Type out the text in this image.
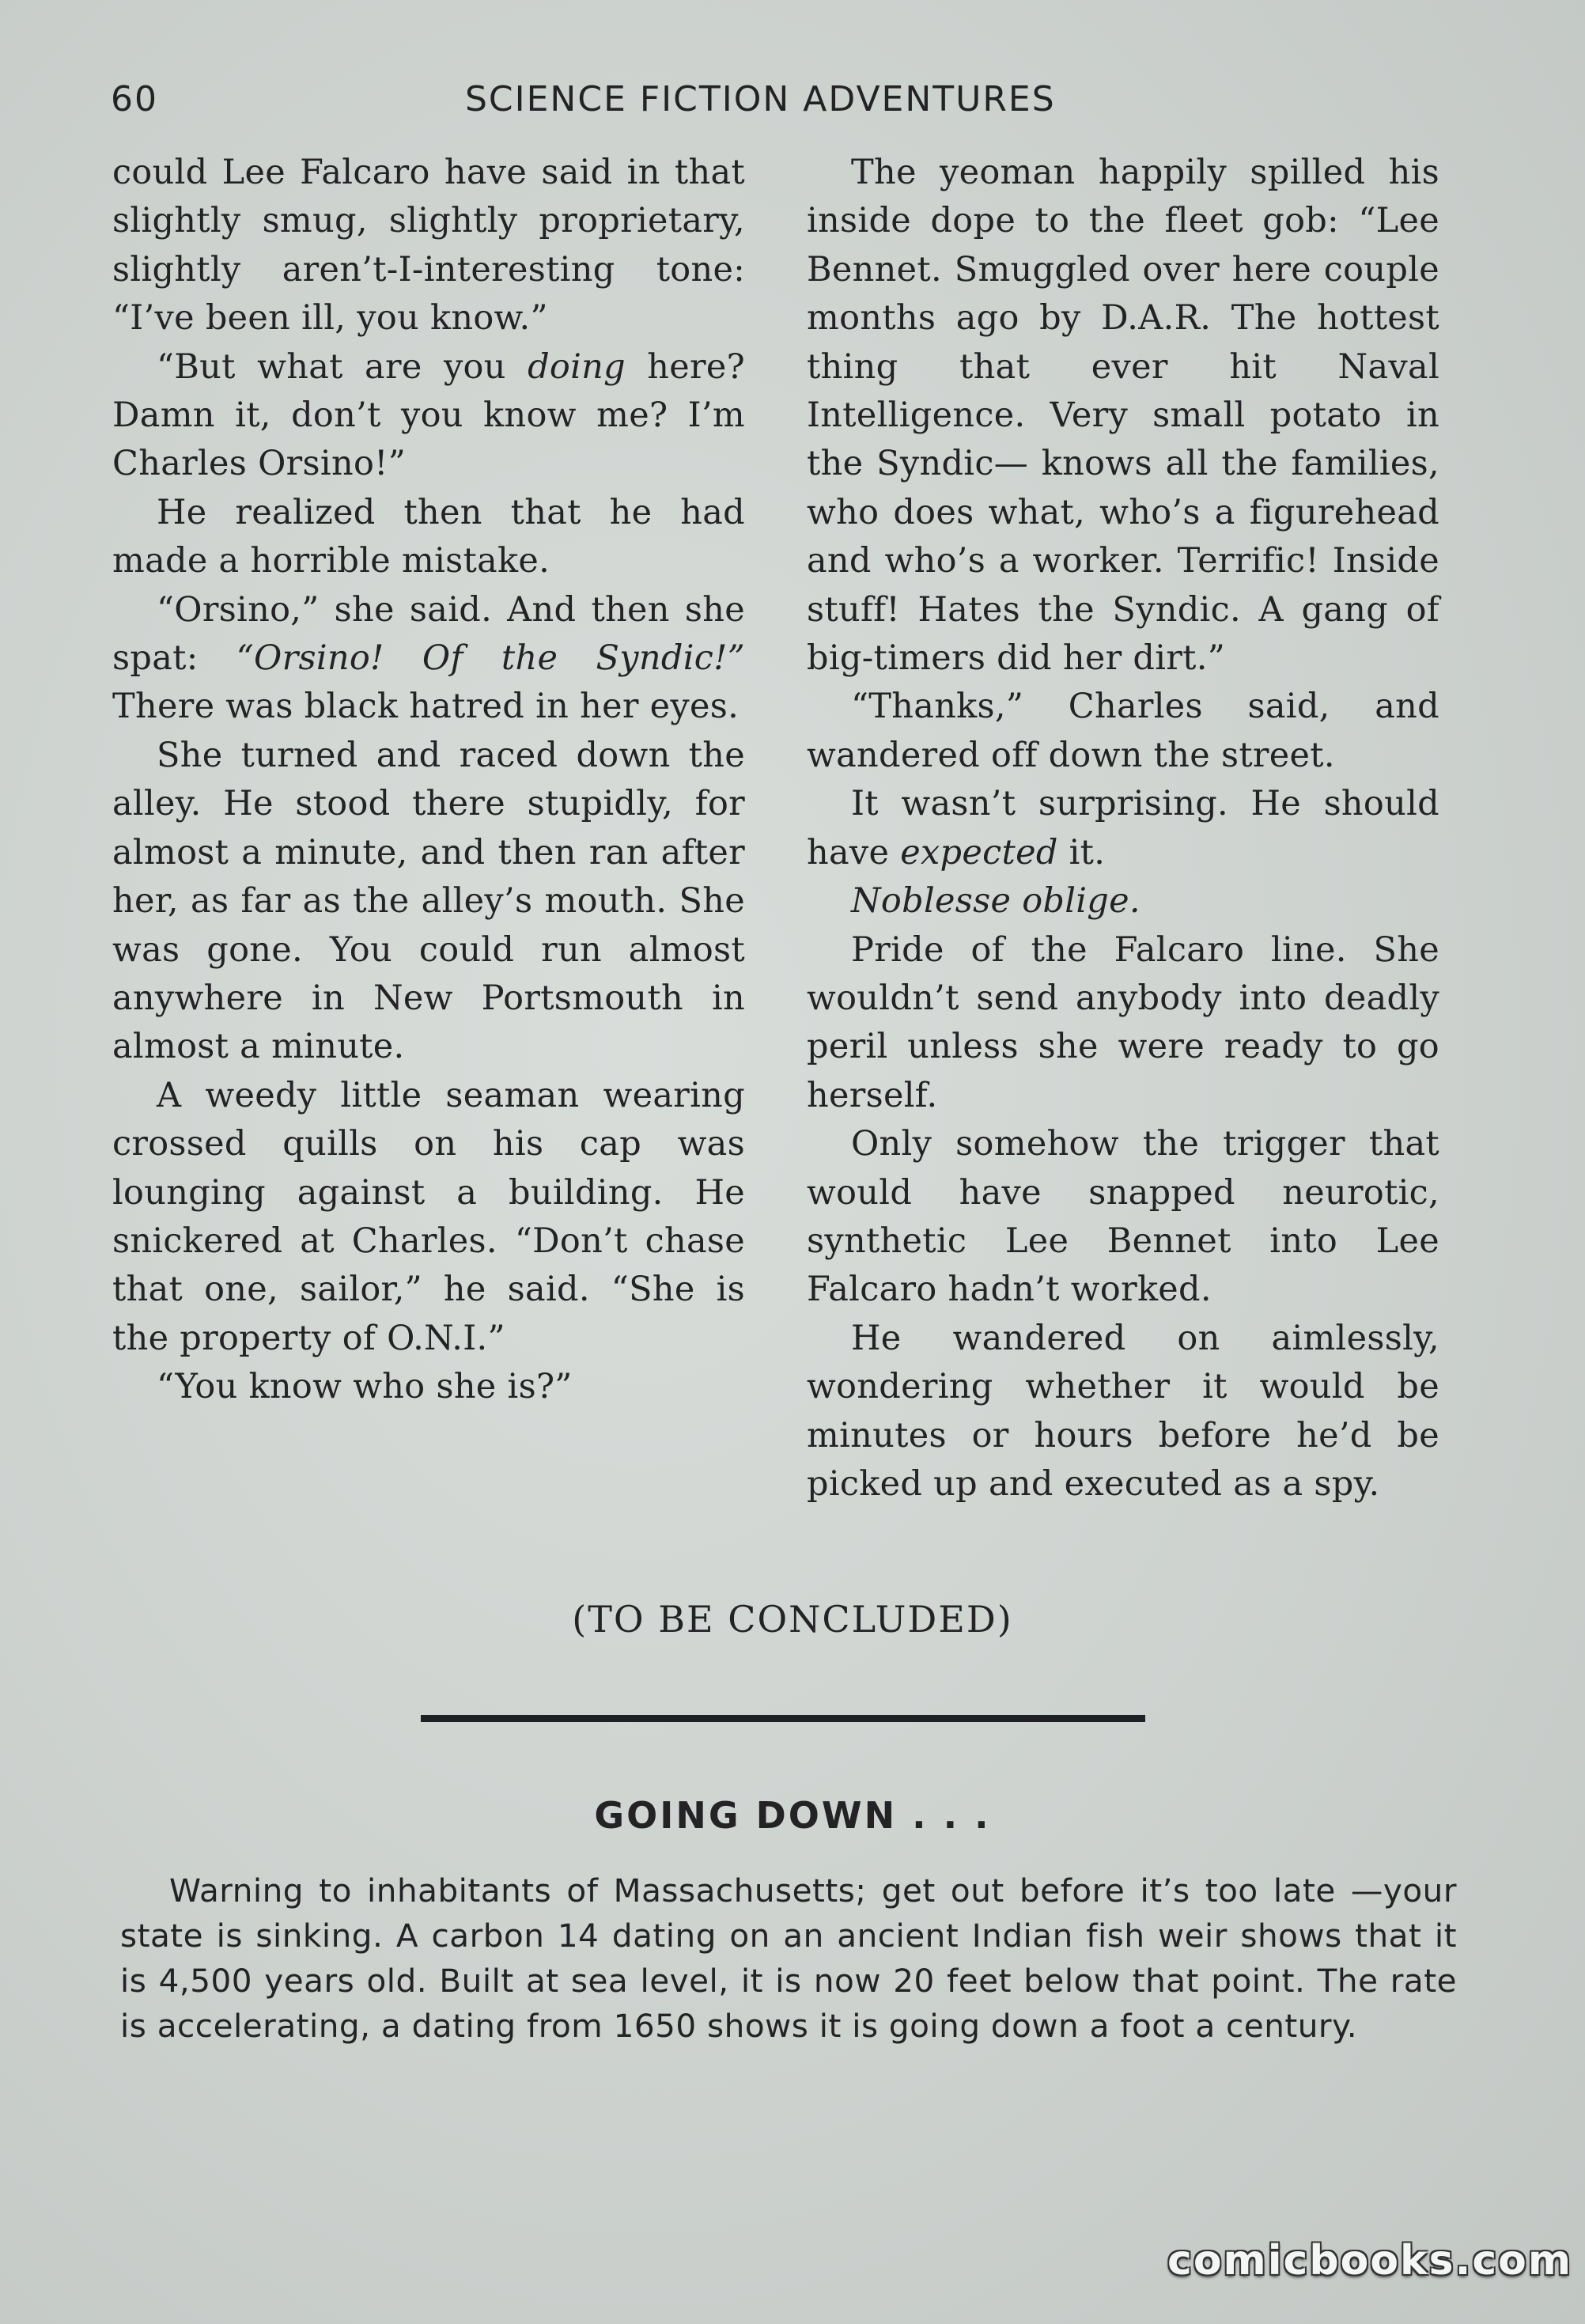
60	SCIENCE FICTION ADVENTURES

could Lee Falcaro have said in that slightly smug, slightly proprietary, slightly aren’t-I-interesting tone: “I’ve been ill, you know.”

“But what are you doing here? Damn it, don’t you know me? I’m Charles Orsino!”

He realized then that he had made a horrible mistake.

“Orsino,” she said. And then she spat: “Orsino! Of the Syndic!” There was black hatred in her eyes.

She turned and raced down the alley. He stood there stupidly, for almost a minute, and then ran after her, as far as the alley’s mouth. She was gone. You could run almost anywhere in New Portsmouth in almost a minute.

A weedy little seaman wearing crossed quills on his cap was lounging against a building. He snickered at Charles. “Don’t chase that one, sailor,” he said. “She is the property of O.N.I.”

“You know who she is?”

The yeoman happily spilled his inside dope to the fleet gob: “Lee Bennet. Smuggled over here couple months ago by D.A.R. The hottest thing that ever hit Naval Intelligence. Very small potato in the Syndic— knows all the families, who does what, who’s a figurehead and who’s a worker. Terrific! Inside stuff! Hates the Syndic. A gang of big-timers did her dirt.”

“Thanks,” Charles said, and wandered off down the street.

It wasn’t surprising. He should have expected it.

Noblesse oblige.

Pride of the Falcaro line. She wouldn’t send anybody into deadly peril unless she were ready to go herself.

Only somehow the trigger that would have snapped neurotic, synthetic Lee Bennet into Lee Falcaro hadn’t worked.

He wandered on aimlessly, wondering whether it would be minutes or hours before he’d be picked up and executed as a spy.

(TO BE CONCLUDED)
GOING DOWN . . .

Warning to inhabitants of Massachusetts; get out before it’s too late —your state is sinking. A carbon 14 dating on an ancient Indian fish weir shows that it is 4,500 years old. Built at sea level, it is now 20 feet below that point. The rate is accelerating, a dating from 1650 shows it is going down a foot a century.

comicbooks.com
